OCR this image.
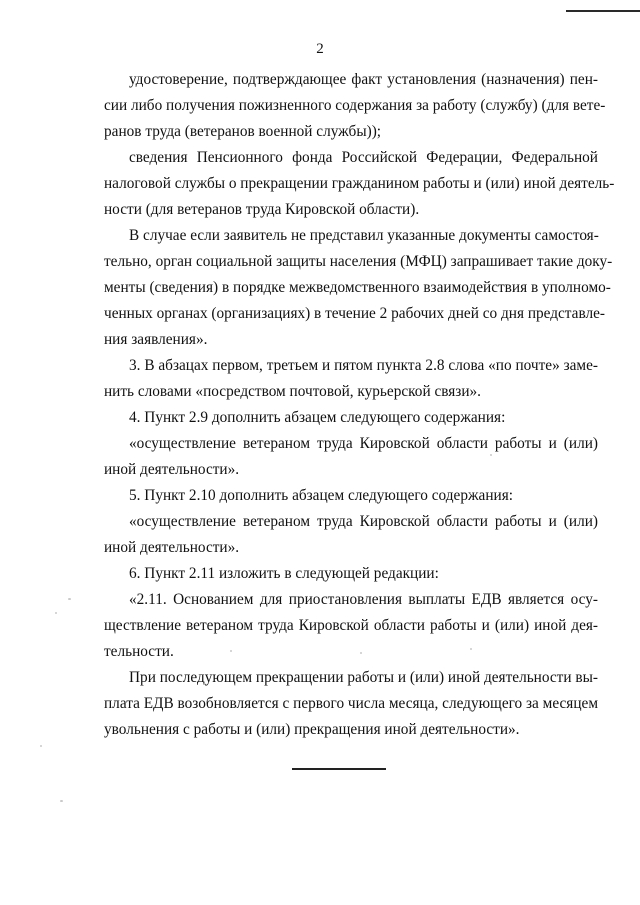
2
удостоверение, подтверждающее факт установления (назначения) пен-
сии либо получения пожизненного содержания за работу (службу) (для вете-
ранов труда (ветеранов военной службы));
сведения Пенсионного фонда Российской Федерации, Федеральной
налоговой службы о прекращении гражданином работы и (или) иной деятель-
ности (для ветеранов труда Кировской области).
В случае если заявитель не представил указанные документы самостоя-
тельно, орган социальной защиты населения (МФЦ) запрашивает такие доку-
менты (сведения) в порядке межведомственного взаимодействия в уполномо-
ченных органах (организациях) в течение 2 рабочих дней со дня представле-
ния заявления».
3. В абзацах первом, третьем и пятом пункта 2.8 слова «по почте» заме-
нить словами «посредством почтовой, курьерской связи».
4. Пункт 2.9 дополнить абзацем следующего содержания:
«осуществление ветераном труда Кировской области работы и (или)
иной деятельности».
5. Пункт 2.10 дополнить абзацем следующего содержания:
«осуществление ветераном труда Кировской области работы и (или)
иной деятельности».
6. Пункт 2.11 изложить в следующей редакции:
«2.11. Основанием для приостановления выплаты ЕДВ является осу-
ществление ветераном труда Кировской области работы и (или) иной дея-
тельности.
При последующем прекращении работы и (или) иной деятельности вы-
плата ЕДВ возобновляется с первого числа месяца, следующего за месяцем
увольнения с работы и (или) прекращения иной деятельности».
